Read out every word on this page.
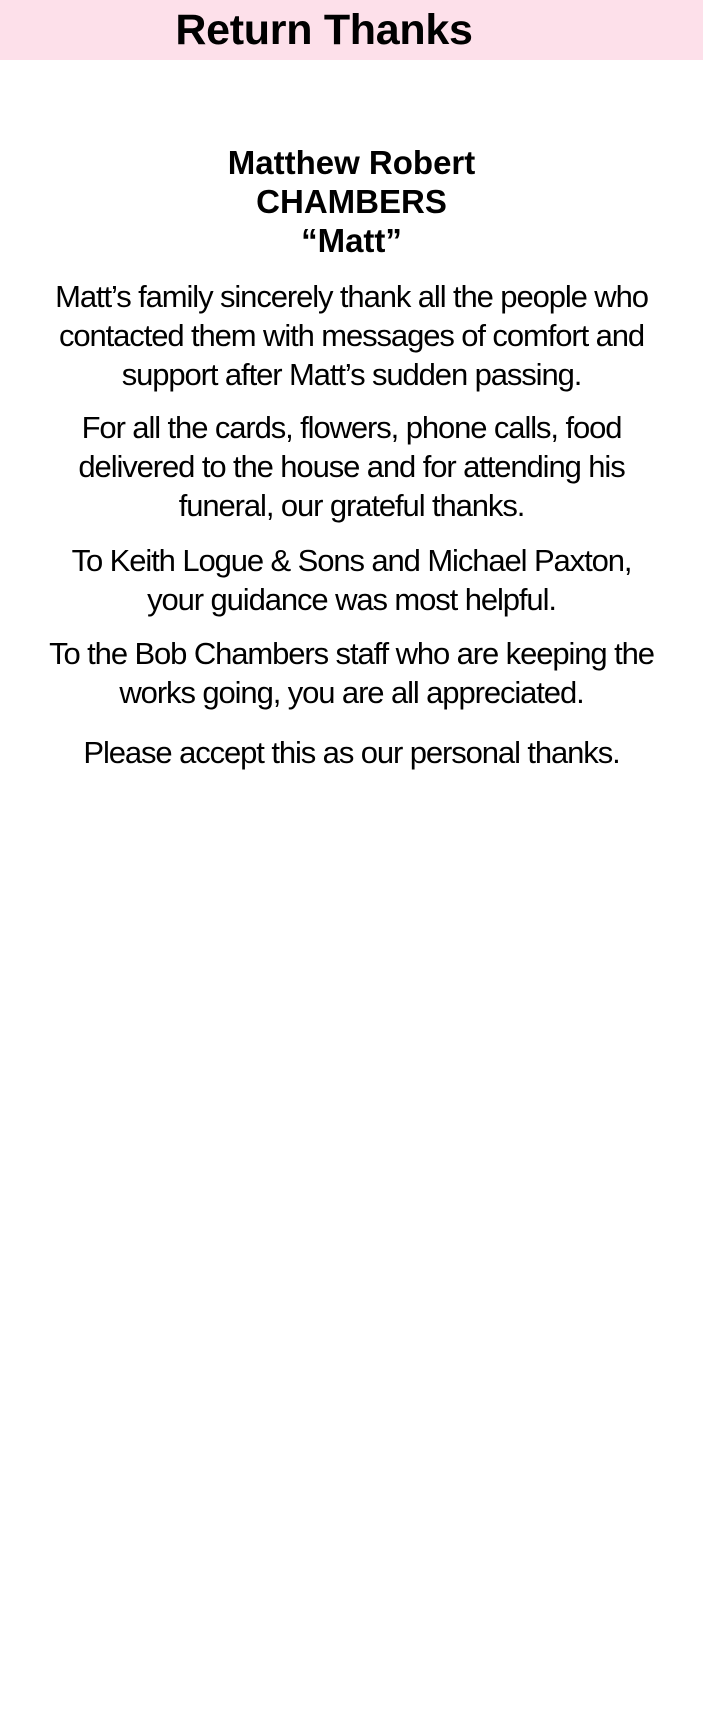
Return Thanks
Matthew Robert
CHAMBERS
“Matt”
Matt’s family sincerely thank all the people who
contacted them with messages of comfort and
support after Matt’s sudden passing.
For all the cards, flowers, phone calls, food
delivered to the house and for attending his
funeral, our grateful thanks.
To Keith Logue & Sons and Michael Paxton,
your guidance was most helpful.
To the Bob Chambers staff who are keeping the
works going, you are all appreciated.
Please accept this as our personal thanks.
